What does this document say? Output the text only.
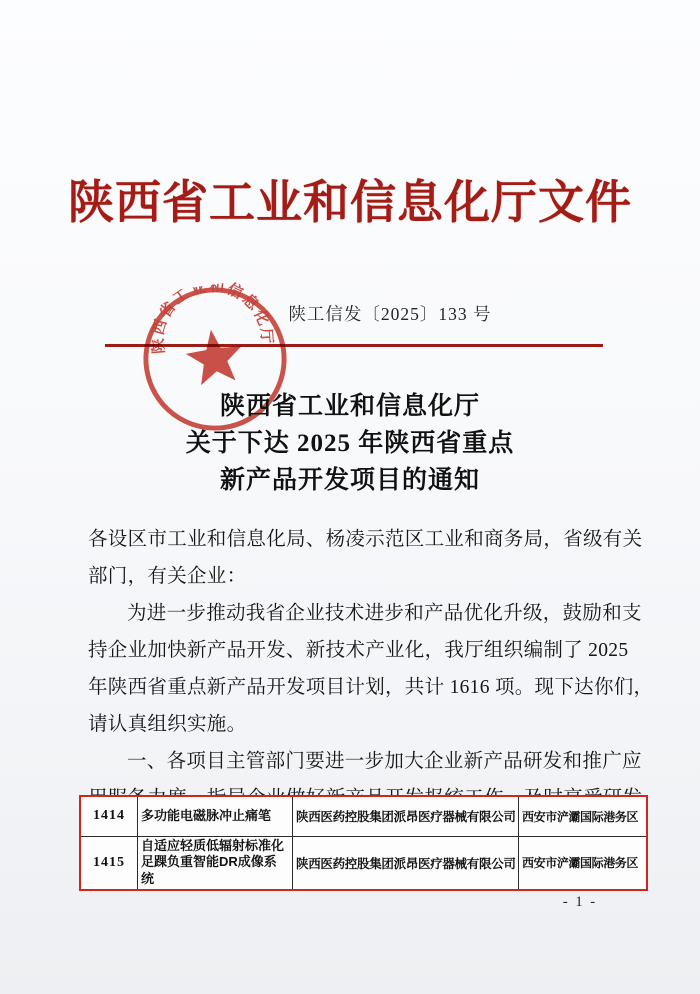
陕西省工业和信息化厅文件
陕工信发〔2025〕133 号
陕西省工业和信息化厅
陕西省工业和信息化厅
关于下达 2025 年陕西省重点
新产品开发项目的通知
各设区市工业和信息化局、杨凌示范区工业和商务局，省级有关
部门，有关企业：
为进一步推动我省企业技术进步和产品优化升级，鼓励和支
持企业加快新产品开发、新技术产业化，我厅组织编制了 2025
年陕西省重点新产品开发项目计划，共计 1616 项。现下达你们，
请认真组织实施。
一、各项目主管部门要进一步加大企业新产品研发和推广应
1414	多功能电磁脉冲止痛笔	陕西医药控股集团派昂医疗器械有限公司	西安市浐灞国际港务区
1415	自适应轻质低辐射标准化足踝负重智能DR成像系统	陕西医药控股集团派昂医疗器械有限公司	西安市浐灞国际港务区
- 1 -
